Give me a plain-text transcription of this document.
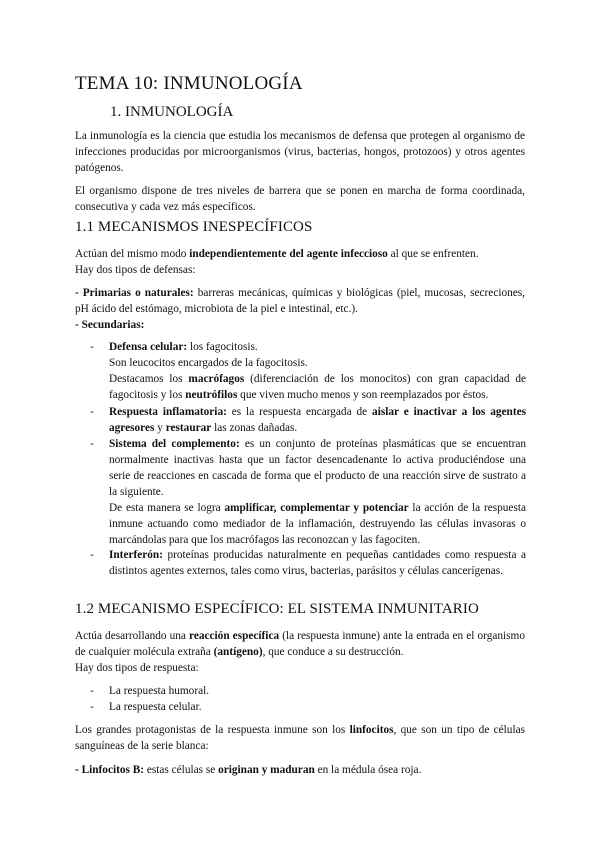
TEMA 10: INMUNOLOGÍA
1. INMUNOLOGÍA
La inmunología es la ciencia que estudia los mecanismos de defensa que protegen al organismo de infecciones producidas por microorganismos (virus, bacterias, hongos, protozoos) y otros agentes patógenos.
El organismo dispone de tres niveles de barrera que se ponen en marcha de forma coordinada, consecutiva y cada vez más específicos.
1.1 MECANISMOS INESPECÍFICOS
Actúan del mismo modo independientemente del agente infeccioso al que se enfrenten.
Hay dos tipos de defensas:
- Primarias o naturales: barreras mecánicas, químicas y biológicas (piel, mucosas, secreciones, pH ácido del estómago, microbiota de la piel e intestinal, etc.).
- Secundarias:
- Defensa celular: los fagocitosis.
Son leucocitos encargados de la fagocitosis.
Destacamos los macrófagos (diferenciación de los monocitos) con gran capacidad de fagocitosis y los neutrófilos que viven mucho menos y son reemplazados por éstos.
- Respuesta inflamatoria: es la respuesta encargada de aislar e inactivar a los agentes agresores y restaurar las zonas dañadas.
- Sistema del complemento: es un conjunto de proteínas plasmáticas que se encuentran normalmente inactivas hasta que un factor desencadenante lo activa produciéndose una serie de reacciones en cascada de forma que el producto de una reacción sirve de sustrato a la siguiente.
De esta manera se logra amplificar, complementar y potenciar la acción de la respuesta inmune actuando como mediador de la inflamación, destruyendo las células invasoras o marcándolas para que los macrófagos las reconozcan y las fagociten.
- Interferón: proteínas producidas naturalmente en pequeñas cantidades como respuesta a distintos agentes externos, tales como virus, bacterias, parásitos y células cancerígenas.
1.2 MECANISMO ESPECÍFICO: EL SISTEMA INMUNITARIO
Actúa desarrollando una reacción específica (la respuesta inmune) ante la entrada en el organismo de cualquier molécula extraña (antígeno), que conduce a su destrucción.
Hay dos tipos de respuesta:
- La respuesta humoral.
- La respuesta celular.
Los grandes protagonistas de la respuesta inmune son los linfocitos, que son un tipo de células sanguíneas de la serie blanca:
- Linfocitos B: estas células se originan y maduran en la médula ósea roja.
